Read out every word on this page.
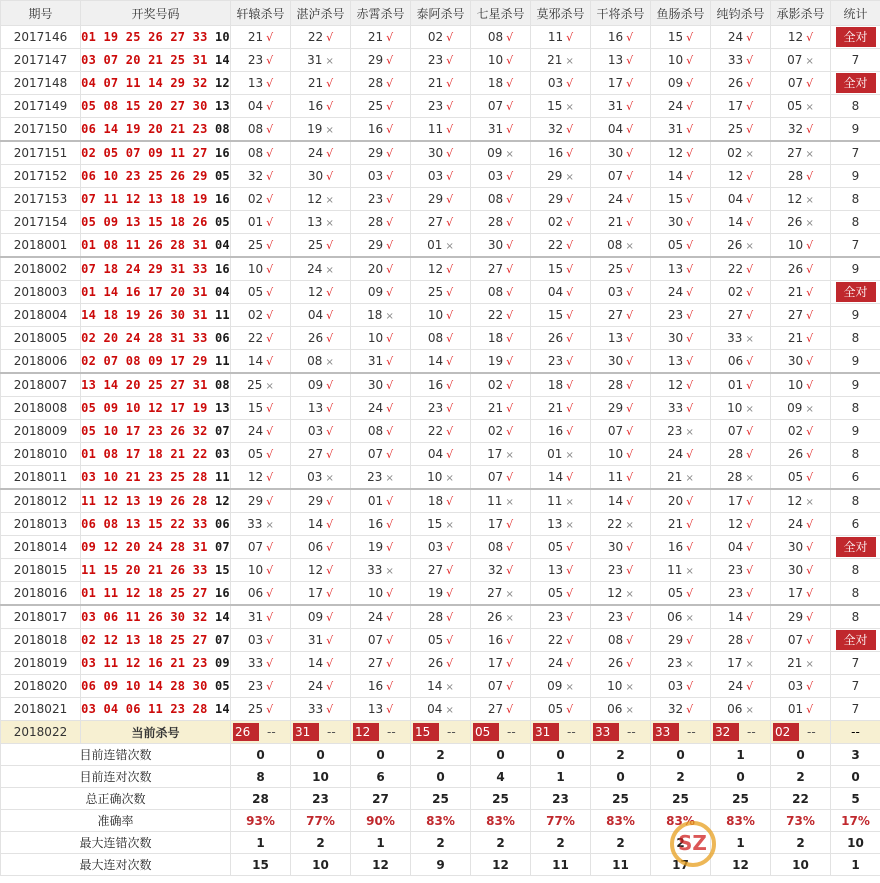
期号	开奖号码	轩辕杀号	湛泸杀号	赤霄杀号	泰阿杀号	七星杀号	莫邪杀号	干将杀号	鱼肠杀号	纯钧杀号	承影杀号	统计
2017146	01 19 25 26 27 33 10	21 √	22 √	21 √	02 √	08 √	11 √	16 √	15 √	24 √	12 √	全对
2017147	03 07 20 21 25 31 14	23 √	31 ×	29 √	23 √	10 √	21 ×	13 √	10 √	33 √	07 ×	7
2017148	04 07 11 14 29 32 12	13 √	21 √	28 √	21 √	18 √	03 √	17 √	09 √	26 √	07 √	全对
2017149	05 08 15 20 27 30 13	04 √	16 √	25 √	23 √	07 √	15 ×	31 √	24 √	17 √	05 ×	8
2017150	06 14 19 20 21 23 08	08 √	19 ×	16 √	11 √	31 √	32 √	04 √	31 √	25 √	32 √	9
2017151	02 05 07 09 11 27 16	08 √	24 √	29 √	30 √	09 ×	16 √	30 √	12 √	02 ×	27 ×	7
2017152	06 10 23 25 26 29 05	32 √	30 √	03 √	03 √	03 √	29 ×	07 √	14 √	12 √	28 √	9
2017153	07 11 12 13 18 19 16	02 √	12 ×	23 √	29 √	08 √	29 √	24 √	15 √	04 √	12 ×	8
2017154	05 09 13 15 18 26 05	01 √	13 ×	28 √	27 √	28 √	02 √	21 √	30 √	14 √	26 ×	8
2018001	01 08 11 26 28 31 04	25 √	25 √	29 √	01 ×	30 √	22 √	08 ×	05 √	26 ×	10 √	7
2018002	07 18 24 29 31 33 16	10 √	24 ×	20 √	12 √	27 √	15 √	25 √	13 √	22 √	26 √	9
2018003	01 14 16 17 20 31 04	05 √	12 √	09 √	25 √	08 √	04 √	03 √	24 √	02 √	21 √	全对
2018004	14 18 19 26 30 31 11	02 √	04 √	18 ×	10 √	22 √	15 √	27 √	23 √	27 √	27 √	9
2018005	02 20 24 28 31 33 06	22 √	26 √	10 √	08 √	18 √	26 √	13 √	30 √	33 ×	21 √	8
2018006	02 07 08 09 17 29 11	14 √	08 ×	31 √	14 √	19 √	23 √	30 √	13 √	06 √	30 √	9
2018007	13 14 20 25 27 31 08	25 ×	09 √	30 √	16 √	02 √	18 √	28 √	12 √	01 √	10 √	9
2018008	05 09 10 12 17 19 13	15 √	13 √	24 √	23 √	21 √	21 √	29 √	33 √	10 ×	09 ×	8
2018009	05 10 17 23 26 32 07	24 √	03 √	08 √	22 √	02 √	16 √	07 √	23 ×	07 √	02 √	9
2018010	01 08 17 18 21 22 03	05 √	27 √	07 √	04 √	17 ×	01 ×	10 √	24 √	28 √	26 √	8
2018011	03 10 21 23 25 28 11	12 √	03 ×	23 ×	10 ×	07 √	14 √	11 √	21 ×	28 ×	05 √	6
2018012	11 12 13 19 26 28 12	29 √	29 √	01 √	18 √	11 ×	11 ×	14 √	20 √	17 √	12 ×	8
2018013	06 08 13 15 22 33 06	33 ×	14 √	16 √	15 ×	17 √	13 ×	22 ×	21 √	12 √	24 √	6
2018014	09 12 20 24 28 31 07	07 √	06 √	19 √	03 √	08 √	05 √	30 √	16 √	04 √	30 √	全对
2018015	11 15 20 21 26 33 15	10 √	12 √	33 ×	27 √	32 √	13 √	23 √	11 ×	23 √	30 √	8
2018016	01 11 12 18 25 27 16	06 √	17 √	10 √	19 √	27 ×	05 √	12 ×	05 √	23 √	17 √	8
2018017	03 06 11 26 30 32 14	31 √	09 √	24 √	28 √	26 ×	23 √	23 √	06 ×	14 √	29 √	8
2018018	02 12 13 18 25 27 07	03 √	31 √	07 √	05 √	16 √	22 √	08 √	29 √	28 √	07 √	全对
2018019	03 11 12 16 21 23 09	33 √	14 √	27 √	26 √	17 √	24 √	26 √	23 ×	17 ×	21 ×	7
2018020	06 09 10 14 28 30 05	23 √	24 √	16 √	14 ×	07 √	09 ×	10 ×	03 √	24 √	03 √	7
2018021	03 04 06 11 23 28 14	25 √	33 √	13 √	04 ×	27 √	05 √	06 ×	32 √	06 ×	01 √	7
2018022	当前杀号	26 --	31 --	12 --	15 --	05 --	31 --	33 --	33 --	32 --	02 --	--
目前连错次数		0	0	0	2	0	0	2	0	1	0	3
目前连对次数		8	10	6	0	4	1	0	2	0	2	0
总正确次数		28	23	27	25	25	23	25	25	25	22	5
准确率		93%	77%	90%	83%	83%	77%	83%	83%	83%	73%	17%
最大连错次数		1	2	1	2	2	2	2	2	1	2	10
最大连对次数		15	10	12	9	12	11	11	17	12	10	1
SZ
